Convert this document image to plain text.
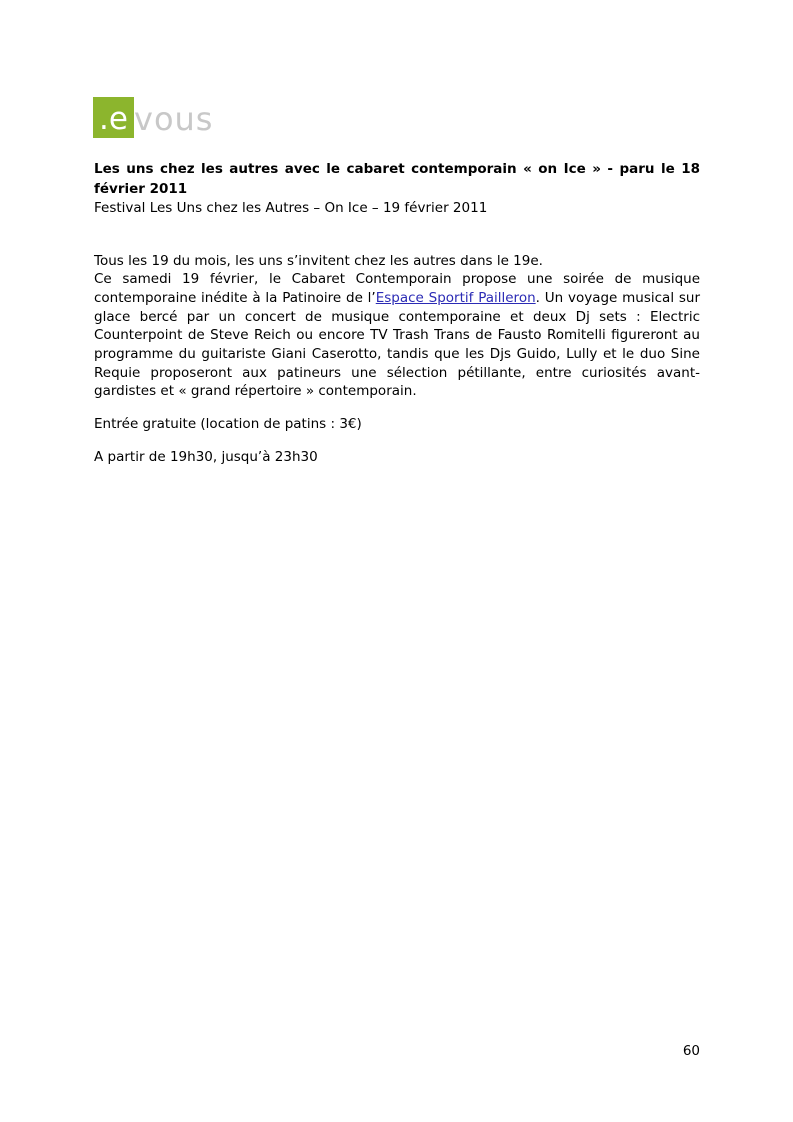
.e vous
Les uns chez les autres avec le cabaret contemporain « on Ice » - paru le 18 février 2011
Festival Les Uns chez les Autres – On Ice – 19 février 2011

Tous les 19 du mois, les uns s’invitent chez les autres dans le 19e.
Ce samedi 19 février, le Cabaret Contemporain propose une soirée de musique contemporaine inédite à la Patinoire de l’Espace Sportif Pailleron. Un voyage musical sur glace bercé par un concert de musique contemporaine et deux Dj sets : Electric Counterpoint de Steve Reich ou encore TV Trash Trans de Fausto Romitelli figureront au programme du guitariste Giani Caserotto, tandis que les Djs Guido, Lully et le duo Sine Requie proposeront aux patineurs une sélection pétillante, entre curiosités avant-gardistes et « grand répertoire » contemporain.

Entrée gratuite (location de patins : 3€)

A partir de 19h30, jusqu’à 23h30

60
